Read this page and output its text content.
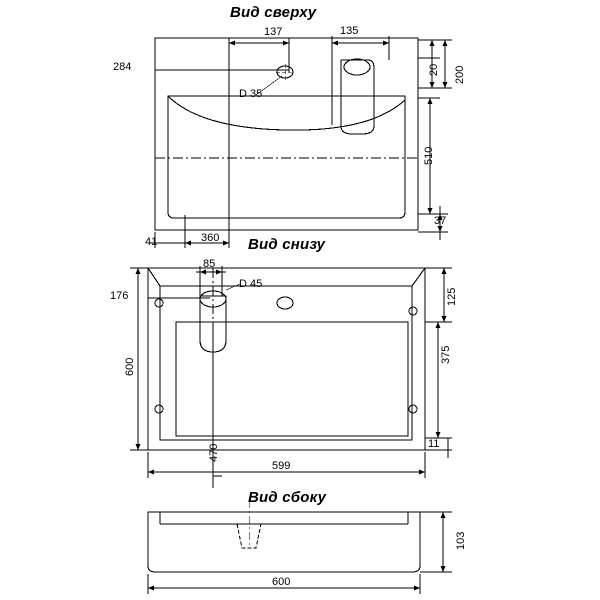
Вид сверху
Вид снизу
Вид сбоку
137	135
284	20 200
D 35
510
37
41	360
85
D 45
125
176
375
600
11
470
599
103
600
